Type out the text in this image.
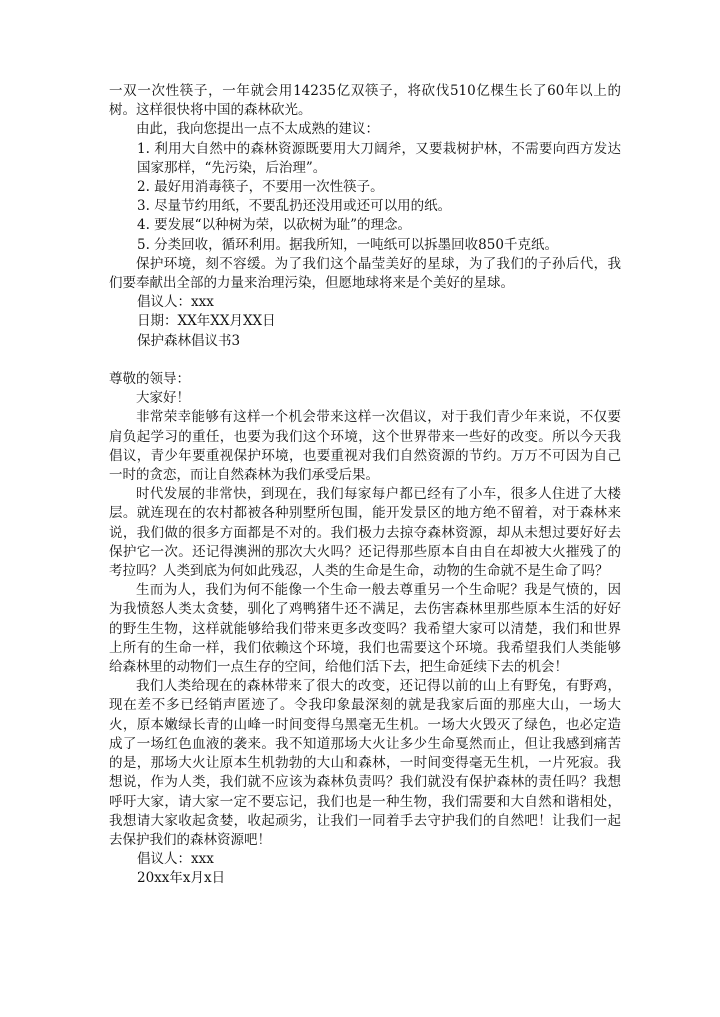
一双一次性筷子，一年就会用14235亿双筷子，将砍伐510亿棵生长了60年以上的树。这样很快将中国的森林砍光。

由此，我向您提出一点不太成熟的建议：

1. 利用大自然中的森林资源既要用大刀阔斧，又要栽树护林，不需要向西方发达国家那样，“先污染，后治理”。

2. 最好用消毒筷子，不要用一次性筷子。

3. 尽量节约用纸，不要乱扔还没用或还可以用的纸。

4. 要发展“以种树为荣，以砍树为耻”的理念。

5. 分类回收，循环利用。据我所知，一吨纸可以拆墨回收850千克纸。

保护环境，刻不容缓。为了我们这个晶莹美好的星球，为了我们的子孙后代，我们要奉献出全部的力量来治理污染，但愿地球将来是个美好的星球。

倡议人：xxx

日期：XX年XX月XX日

保护森林倡议书3

尊敬的领导：

大家好！

非常荣幸能够有这样一个机会带来这样一次倡议，对于我们青少年来说，不仅要肩负起学习的重任，也要为我们这个环境，这个世界带来一些好的改变。所以今天我倡议，青少年要重视保护环境，也要重视对我们自然资源的节约。万万不可因为自己一时的贪恋，而让自然森林为我们承受后果。

时代发展的非常快，到现在，我们每家每户都已经有了小车，很多人住进了大楼层。就连现在的农村都被各种别墅所包围，能开发景区的地方绝不留着，对于森林来说，我们做的很多方面都是不对的。我们极力去掠夺森林资源，却从未想过要好好去保护它一次。还记得澳洲的那次大火吗？还记得那些原本自由自在却被大火摧残了的考拉吗？人类到底为何如此残忍，人类的生命是生命，动物的生命就不是生命了吗？

生而为人，我们为何不能像一个生命一般去尊重另一个生命呢？我是气愤的，因为我愤怒人类太贪婪，驯化了鸡鸭猪牛还不满足，去伤害森林里那些原本生活的好好的野生生物，这样就能够给我们带来更多改变吗？我希望大家可以清楚，我们和世界上所有的生命一样，我们依赖这个环境，我们也需要这个环境。我希望我们人类能够给森林里的动物们一点生存的空间，给他们活下去，把生命延续下去的机会！

我们人类给现在的森林带来了很大的改变，还记得以前的山上有野兔，有野鸡，现在差不多已经销声匿迹了。令我印象最深刻的就是我家后面的那座大山，一场大火，原本嫩绿长青的山峰一时间变得乌黑毫无生机。一场大火毁灭了绿色，也必定造成了一场红色血液的袭来。我不知道那场大火让多少生命戛然而止，但让我感到痛苦的是，那场大火让原本生机勃勃的大山和森林，一时间变得毫无生机，一片死寂。我想说，作为人类，我们就不应该为森林负责吗？我们就没有保护森林的责任吗？我想呼吁大家，请大家一定不要忘记，我们也是一种生物，我们需要和大自然和谐相处，我想请大家收起贪婪，收起顽劣，让我们一同着手去守护我们的自然吧！让我们一起去保护我们的森林资源吧！

倡议人：xxx

20xx年x月x日
